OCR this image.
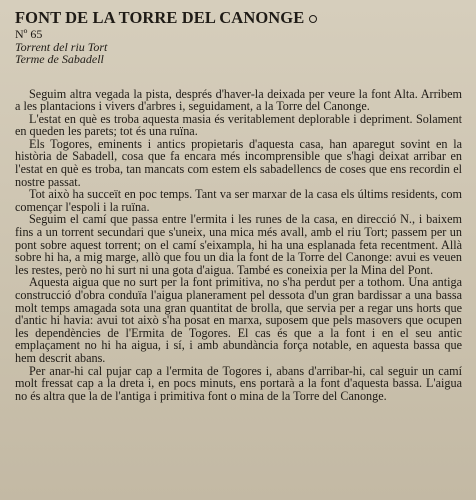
FONT DE LA TORRE DEL CANONGE

Nº 65

Torrent del riu Tort

Terme de Sabadell

Seguim altra vegada la pista, després d'haver-la deixada per veure la font Alta. Arribem a les plantacions i vivers d'arbres i, seguidament, a la Torre del Canonge.

L'estat en què es troba aquesta masia és veritablement deplorable i depriment. Solament en queden les parets; tot és una ruïna.

Els Togores, eminents i antics propietaris d'aquesta casa, han aparegut sovint en la història de Sabadell, cosa que fa encara més incomprensible que s'hagi deixat arribar en l'estat en què es troba, tan mancats com estem els sabadellencs de coses que ens recordin el nostre passat.

Tot això ha succeït en poc temps. Tant va ser marxar de la casa els últims residents, com començar l'espoli i la ruïna.

Seguim el camí que passa entre l'ermita i les runes de la casa, en direcció N., i baixem fins a un torrent secundari que s'uneix, una mica més avall, amb el riu Tort; passem per un pont sobre aquest torrent; on el camí s'eixampla, hi ha una esplanada feta recentment. Allà sobre hi ha, a mig marge, allò que fou un dia la font de la Torre del Canonge: avui es veuen les restes, però no hi surt ni una gota d'aigua. També es coneixia per la Mina del Pont.

Aquesta aigua que no surt per la font primitiva, no s'ha perdut per a tothom. Una antiga construcció d'obra conduïa l'aigua planerament pel dessota d'un gran bardissar a una bassa molt temps amagada sota una gran quantitat de brolla, que servia per a regar uns horts que d'antic hi havia: avui tot això s'ha posat en marxa, suposem que pels masovers que ocupen les dependències de l'Ermita de Togores. El cas és que a la font i en el seu antic emplaçament no hi ha aigua, i sí, i amb abundància força notable, en aquesta bassa que hem descrit abans.

Per anar-hi cal pujar cap a l'ermita de Togores i, abans d'arribar-hi, cal seguir un camí molt fressat cap a la dreta i, en pocs minuts, ens portarà a la font d'aquesta bassa. L'aigua no és altra que la de l'antiga i primitiva font o mina de la Torre del Canonge.
